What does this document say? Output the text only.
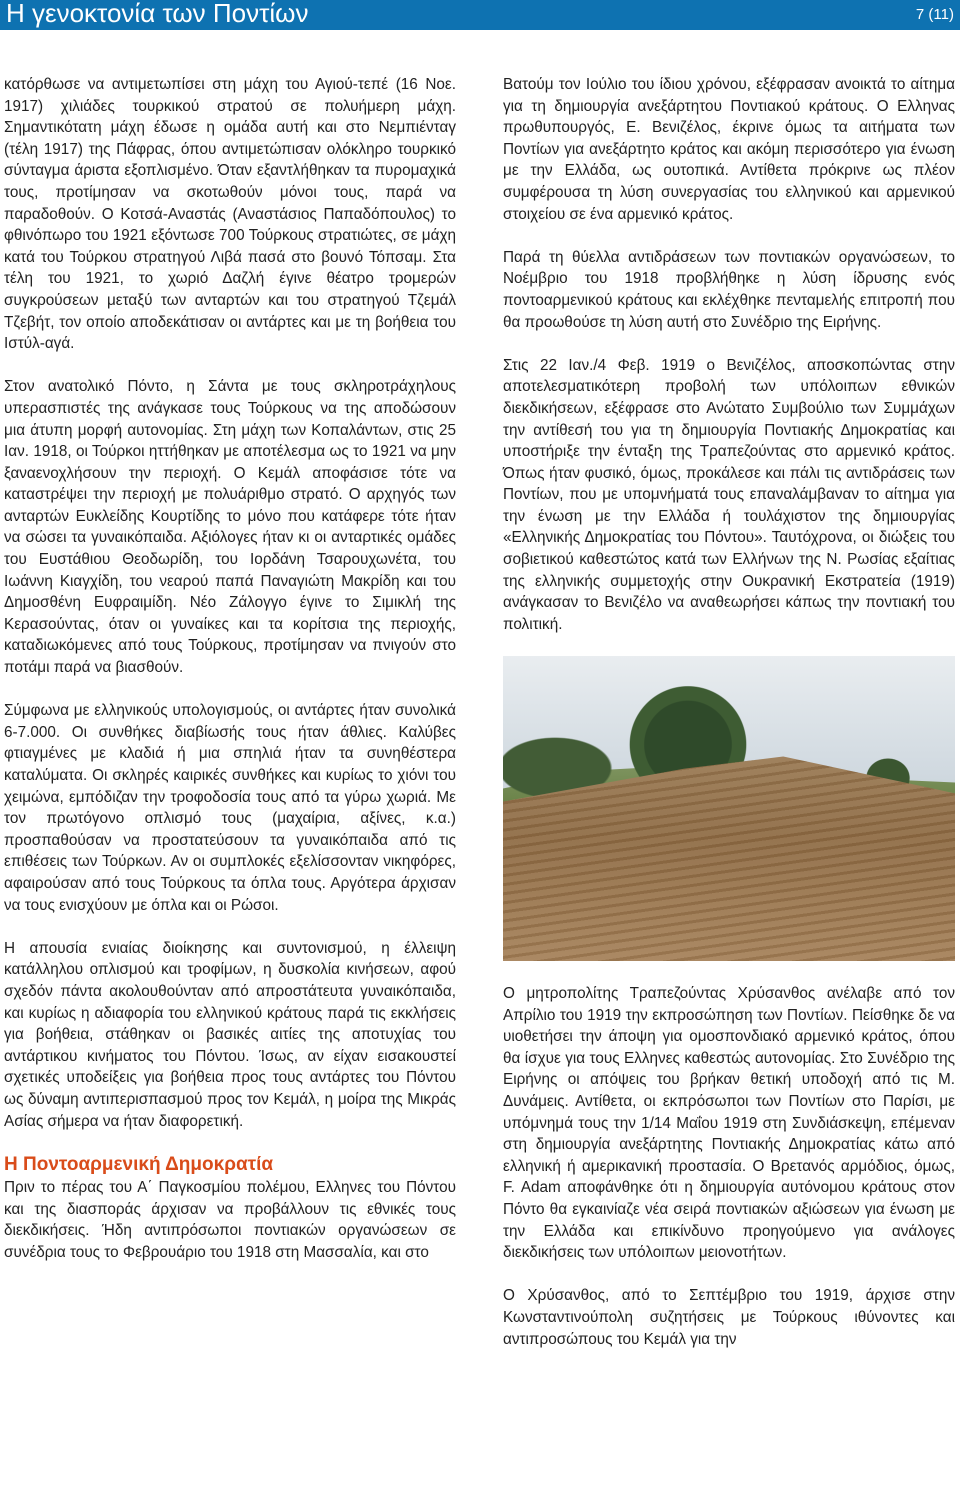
Η γενοκτονία των Ποντίων	7 (11)

κατόρθωσε να αντιμετωπίσει στη μάχη του Αγιού-τεπέ (16 Νοε. 1917) χιλιάδες τουρκικού στρατού σε πολυήμερη μάχη. Σημαντικότατη μάχη έδωσε η ομάδα αυτή και στο Νεμπιένταγ (τέλη 1917) της Πάφρας, όπου αντιμετώπισαν ολόκληρο τουρκικό σύνταγμα άριστα εξοπλισμένο. Όταν εξαντλήθηκαν τα πυρομαχικά τους, προτίμησαν να σκοτωθούν μόνοι τους, παρά να παραδοθούν. Ο Κοτσά-Αναστάς (Αναστάσιος Παπαδόπουλος) το φθινόπωρο του 1921 εξόντωσε 700 Τούρκους στρατιώτες, σε μάχη κατά του Τούρκου στρατηγού Λιβά πασά στο βουνό Τόπσαμ. Στα τέλη του 1921, το χωριό Δαζλή έγινε θέατρο τρομερών συγκρούσεων μεταξύ των ανταρτών και του στρατηγού Τζεμάλ Τζεβήτ, τον οποίο αποδεκάτισαν οι αντάρτες και με τη βοήθεια του Ιστύλ-αγά.

Στον ανατολικό Πόντο, η Σάντα με τους σκληροτράχηλους υπερασπιστές της ανάγκασε τους Τούρκους να της αποδώσουν μια άτυπη μορφή αυτονομίας. Στη μάχη των Κοπαλάντων, στις 25 Ιαν. 1918, οι Τούρκοι ηττήθηκαν με αποτέλεσμα ως το 1921 να μην ξαναενοχλήσουν την περιοχή. Ο Κεμάλ αποφάσισε τότε να καταστρέψει την περιοχή με πολυάριθμο στρατό. Ο αρχηγός των ανταρτών Ευκλείδης Κουρτίδης το μόνο που κατάφερε τότε ήταν να σώσει τα γυναικόπαιδα. Αξιόλογες ήταν κι οι ανταρτικές ομάδες του Ευστάθιου Θεοδωρίδη, του Ιορδάνη Τσαρουχωνέτα, του Ιωάννη Κιαγχίδη, του νεαρού παπά Παναγιώτη Μακρίδη και του Δημοσθένη Ευφραιμίδη. Νέο Ζάλογγο έγινε το Σιμικλή της Κερασούντας, όταν οι γυναίκες και τα κορίτσια της περιοχής, καταδιωκόμενες από τους Τούρκους, προτίμησαν να πνιγούν στο ποτάμι παρά να βιασθούν.

Σύμφωνα με ελληνικούς υπολογισμούς, οι αντάρτες ήταν συνολικά 6-7.000. Οι συνθήκες διαβίωσής τους ήταν άθλιες. Καλύβες φτιαγμένες με κλαδιά ή μια σπηλιά ήταν τα συνηθέστερα καταλύματα. Οι σκληρές καιρικές συνθήκες και κυρίως το χιόνι του χειμώνα, εμπόδιζαν την τροφοδοσία τους από τα γύρω χωριά. Με τον πρωτόγονο οπλισμό τους (μαχαίρια, αξίνες, κ.α.) προσπαθούσαν να προστατεύσουν τα γυναικόπαιδα από τις επιθέσεις των Τούρκων. Αν οι συμπλοκές εξελίσσονταν νικηφόρες, αφαιρούσαν από τους Τούρκους τα όπλα τους. Αργότερα άρχισαν να τους ενισχύουν με όπλα και οι Ρώσοι.

Η απουσία ενιαίας διοίκησης και συντονισμού, η έλλειψη κατάλληλου οπλισμού και τροφίμων, η δυσκολία κινήσεων, αφού σχεδόν πάντα ακολουθούνταν από απροστάτευτα γυναικόπαιδα, και κυρίως η αδιαφορία του ελληνικού κράτους παρά τις εκκλήσεις για βοήθεια, στάθηκαν οι βασικές αιτίες της αποτυχίας του αντάρτικου κινήματος του Πόντου. Ίσως, αν είχαν εισακουστεί σχετικές υποδείξεις για βοήθεια προς τους αντάρτες του Πόντου ως δύναμη αντιπερισπασμού προς τον Κεμάλ, η μοίρα της Μικράς Ασίας σήμερα να ήταν διαφορετική.

Η Ποντοαρμενική Δημοκρατία

Πριν το πέρας του Α΄ Παγκοσμίου πολέμου, Ελληνες του Πόντου και της διασποράς άρχισαν να προβάλλουν τις εθνικές τους διεκδικήσεις. Ήδη αντιπρόσωποι ποντιακών οργανώσεων σε συνέδρια τους το Φεβρουάριο του 1918 στη Μασσαλία, και στο

Βατούμ τον Ιούλιο του ίδιου χρόνου, εξέφρασαν ανοικτά το αίτημα για τη δημιουργία ανεξάρτητου Ποντιακού κράτους. Ο Ελληνας πρωθυπουργός, Ε. Βενιζέλος, έκρινε όμως τα αιτήματα των Ποντίων για ανεξάρτητο κράτος και ακόμη περισσότερο για ένωση με την Ελλάδα, ως ουτοπικά. Αντίθετα πρόκρινε ως πλέον συμφέρουσα τη λύση συνεργασίας του ελληνικού και αρμενικού στοιχείου σε ένα αρμενικό κράτος.

Παρά τη θύελλα αντιδράσεων των ποντιακών οργανώσεων, το Νοέμβριο του 1918 προβλήθηκε η λύση ίδρυσης ενός ποντοαρμενικού κράτους και εκλέχθηκε πενταμελής επιτροπή που θα προωθούσε τη λύση αυτή στο Συνέδριο της Ειρήνης.

Στις 22 Ιαν./4 Φεβ. 1919 ο Βενιζέλος, αποσκοπώντας στην αποτελεσματικότερη προβολή των υπόλοιπων εθνικών διεκδικήσεων, εξέφρασε στο Ανώτατο Συμβούλιο των Συμμάχων την αντίθεσή του για τη δημιουργία Ποντιακής Δημοκρατίας και υποστήριξε την ένταξη της Τραπεζούντας στο αρμενικό κράτος. Όπως ήταν φυσικό, όμως, προκάλεσε και πάλι τις αντιδράσεις των Ποντίων, που με υπομνήματά τους επαναλάμβαναν το αίτημα για την ένωση με την Ελλάδα ή τουλάχιστον της δημιουργίας «Ελληνικής Δημοκρατίας του Πόντου». Ταυτόχρονα, οι διώξεις του σοβιετικού καθεστώτος κατά των Ελλήνων της Ν. Ρωσίας εξαίτιας της ελληνικής συμμετοχής στην Ουκρανική Εκστρατεία (1919) ανάγκασαν το Βενιζέλο να αναθεωρήσει κάπως την ποντιακή του πολιτική.

Ο μητροπολίτης Τραπεζούντας Χρύσανθος ανέλαβε από τον Απρίλιο του 1919 την εκπροσώπηση των Ποντίων. Πείσθηκε δε να υιοθετήσει την άποψη για ομοσπονδιακό αρμενικό κράτος, όπου θα ίσχυε για τους Ελληνες καθεστώς αυτονομίας. Στο Συνέδριο της Ειρήνης οι απόψεις του βρήκαν θετική υποδοχή από τις Μ. Δυνάμεις. Αντίθετα, οι εκπρόσωποι των Ποντίων στο Παρίσι, με υπόμνημά τους την 1/14 Μαΐου 1919 στη Συνδιάσκεψη, επέμεναν στη δημιουργία ανεξάρτητης Ποντιακής Δημοκρατίας κάτω από ελληνική ή αμερικανική προστασία. Ο Βρετανός αρμόδιος, όμως, F. Adam αποφάνθηκε ότι η δημιουργία αυτόνομου κράτους στον Πόντο θα εγκαινίαζε νέα σειρά ποντιακών αξιώσεων για ένωση με την Ελλάδα και επικίνδυνο προηγούμενο για ανάλογες διεκδικήσεις των υπόλοιπων μειονοτήτων.

Ο Χρύσανθος, από το Σεπτέμβριο του 1919, άρχισε στην Κωνσταντινούπολη συζητήσεις με Τούρκους ιθύνοντες και αντιπροσώπους του Κεμάλ για την
